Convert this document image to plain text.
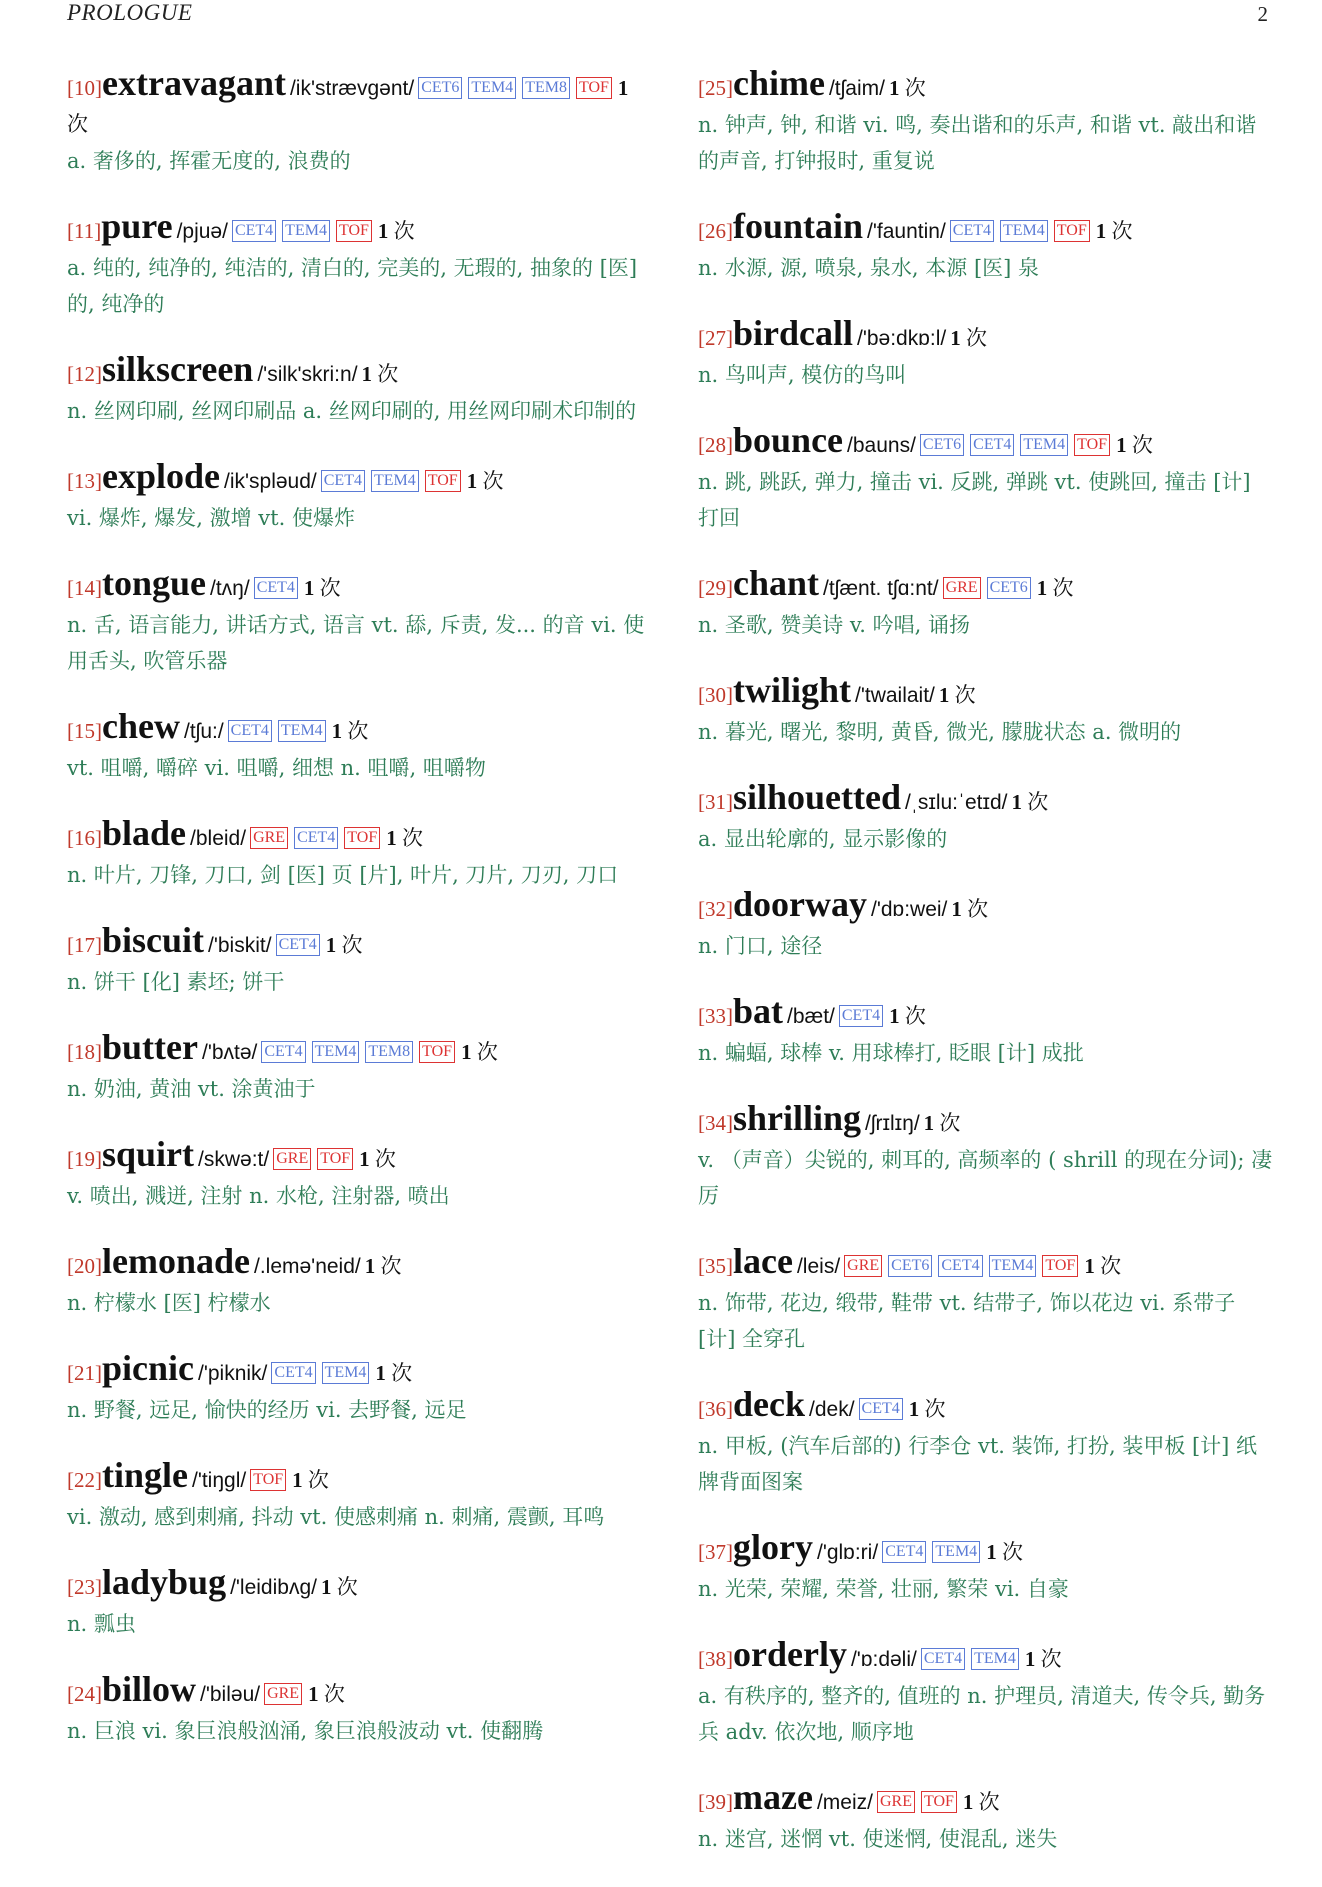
PROLOGUE	2
[10]extravagant /ik'strævgənt/ CET6 TEM4 TEM8 TOF 1 次
a. 奢侈的, 挥霍无度的, 浪费的
[11]pure /pjuə/ CET4 TEM4 TOF 1 次
a. 纯的, 纯净的, 纯洁的, 清白的, 完美的, 无瑕的, 抽象的 [医] 的, 纯净的
[12]silkscreen /'silk'skri:n/ 1 次
n. 丝网印刷, 丝网印刷品 a. 丝网印刷的, 用丝网印刷术印制的
[13]explode /ik'spləud/ CET4 TEM4 TOF 1 次
vi. 爆炸, 爆发, 激增 vt. 使爆炸
[14]tongue /tʌŋ/ CET4 1 次
n. 舌, 语言能力, 讲话方式, 语言 vt. 舔, 斥责, 发... 的音 vi. 使用舌头, 吹管乐器
[15]chew /tʃu:/ CET4 TEM4 1 次
vt. 咀嚼, 嚼碎 vi. 咀嚼, 细想 n. 咀嚼, 咀嚼物
[16]blade /bleid/ GRE CET4 TOF 1 次
n. 叶片, 刀锋, 刀口, 剑 [医] 页 [片], 叶片, 刀片, 刀刃, 刀口
[17]biscuit /'biskit/ CET4 1 次
n. 饼干 [化] 素坯; 饼干
[18]butter /'bʌtə/ CET4 TEM4 TEM8 TOF 1 次
n. 奶油, 黄油 vt. 涂黄油于
[19]squirt /skwə:t/ GRE TOF 1 次
v. 喷出, 溅迸, 注射 n. 水枪, 注射器, 喷出
[20]lemonade /.lemə'neid/ 1 次
n. 柠檬水 [医] 柠檬水
[21]picnic /'piknik/ CET4 TEM4 1 次
n. 野餐, 远足, 愉快的经历 vi. 去野餐, 远足
[22]tingle /'tiŋgl/ TOF 1 次
vi. 激动, 感到刺痛, 抖动 vt. 使感刺痛 n. 刺痛, 震颤, 耳鸣
[23]ladybug /'leidibʌg/ 1 次
n. 瓢虫
[24]billow /'biləu/ GRE 1 次
n. 巨浪 vi. 象巨浪般汹涌, 象巨浪般波动 vt. 使翻腾
[25]chime /tʃaim/ 1 次
n. 钟声, 钟, 和谐 vi. 鸣, 奏出谐和的乐声, 和谐 vt. 敲出和谐的声音, 打钟报时, 重复说
[26]fountain /'fauntin/ CET4 TEM4 TOF 1 次
n. 水源, 源, 喷泉, 泉水, 本源 [医] 泉
[27]birdcall /'bə:dkɒ:l/ 1 次
n. 鸟叫声, 模仿的鸟叫
[28]bounce /bauns/ CET6 CET4 TEM4 TOF 1 次
n. 跳, 跳跃, 弹力, 撞击 vi. 反跳, 弹跳 vt. 使跳回, 撞击 [计] 打回
[29]chant /tʃænt. tʃɑ:nt/ GRE CET6 1 次
n. 圣歌, 赞美诗 v. 吟唱, 诵扬
[30]twilight /'twailait/ 1 次
n. 暮光, 曙光, 黎明, 黄昏, 微光, 朦胧状态 a. 微明的
[31]silhouetted /ˌsɪlu:ˈetɪd/ 1 次
a. 显出轮廓的, 显示影像的
[32]doorway /'dɒ:wei/ 1 次
n. 门口, 途径
[33]bat /bæt/ CET4 1 次
n. 蝙蝠, 球棒 v. 用球棒打, 眨眼 [计] 成批
[34]shrilling /ʃrɪlɪŋ/ 1 次
v. （声音）尖锐的, 刺耳的, 高频率的 ( shrill 的现在分词); 凄厉
[35]lace /leis/ GRE CET6 CET4 TEM4 TOF 1 次
n. 饰带, 花边, 缎带, 鞋带 vt. 结带子, 饰以花边 vi. 系带子 [计] 全穿孔
[36]deck /dek/ CET4 1 次
n. 甲板, (汽车后部的) 行李仓 vt. 装饰, 打扮, 装甲板 [计] 纸牌背面图案
[37]glory /'glɒ:ri/ CET4 TEM4 1 次
n. 光荣, 荣耀, 荣誉, 壮丽, 繁荣 vi. 自豪
[38]orderly /'ɒ:dəli/ CET4 TEM4 1 次
a. 有秩序的, 整齐的, 值班的 n. 护理员, 清道夫, 传令兵, 勤务兵 adv. 依次地, 顺序地
[39]maze /meiz/ GRE TOF 1 次
n. 迷宫, 迷惘 vt. 使迷惘, 使混乱, 迷失
